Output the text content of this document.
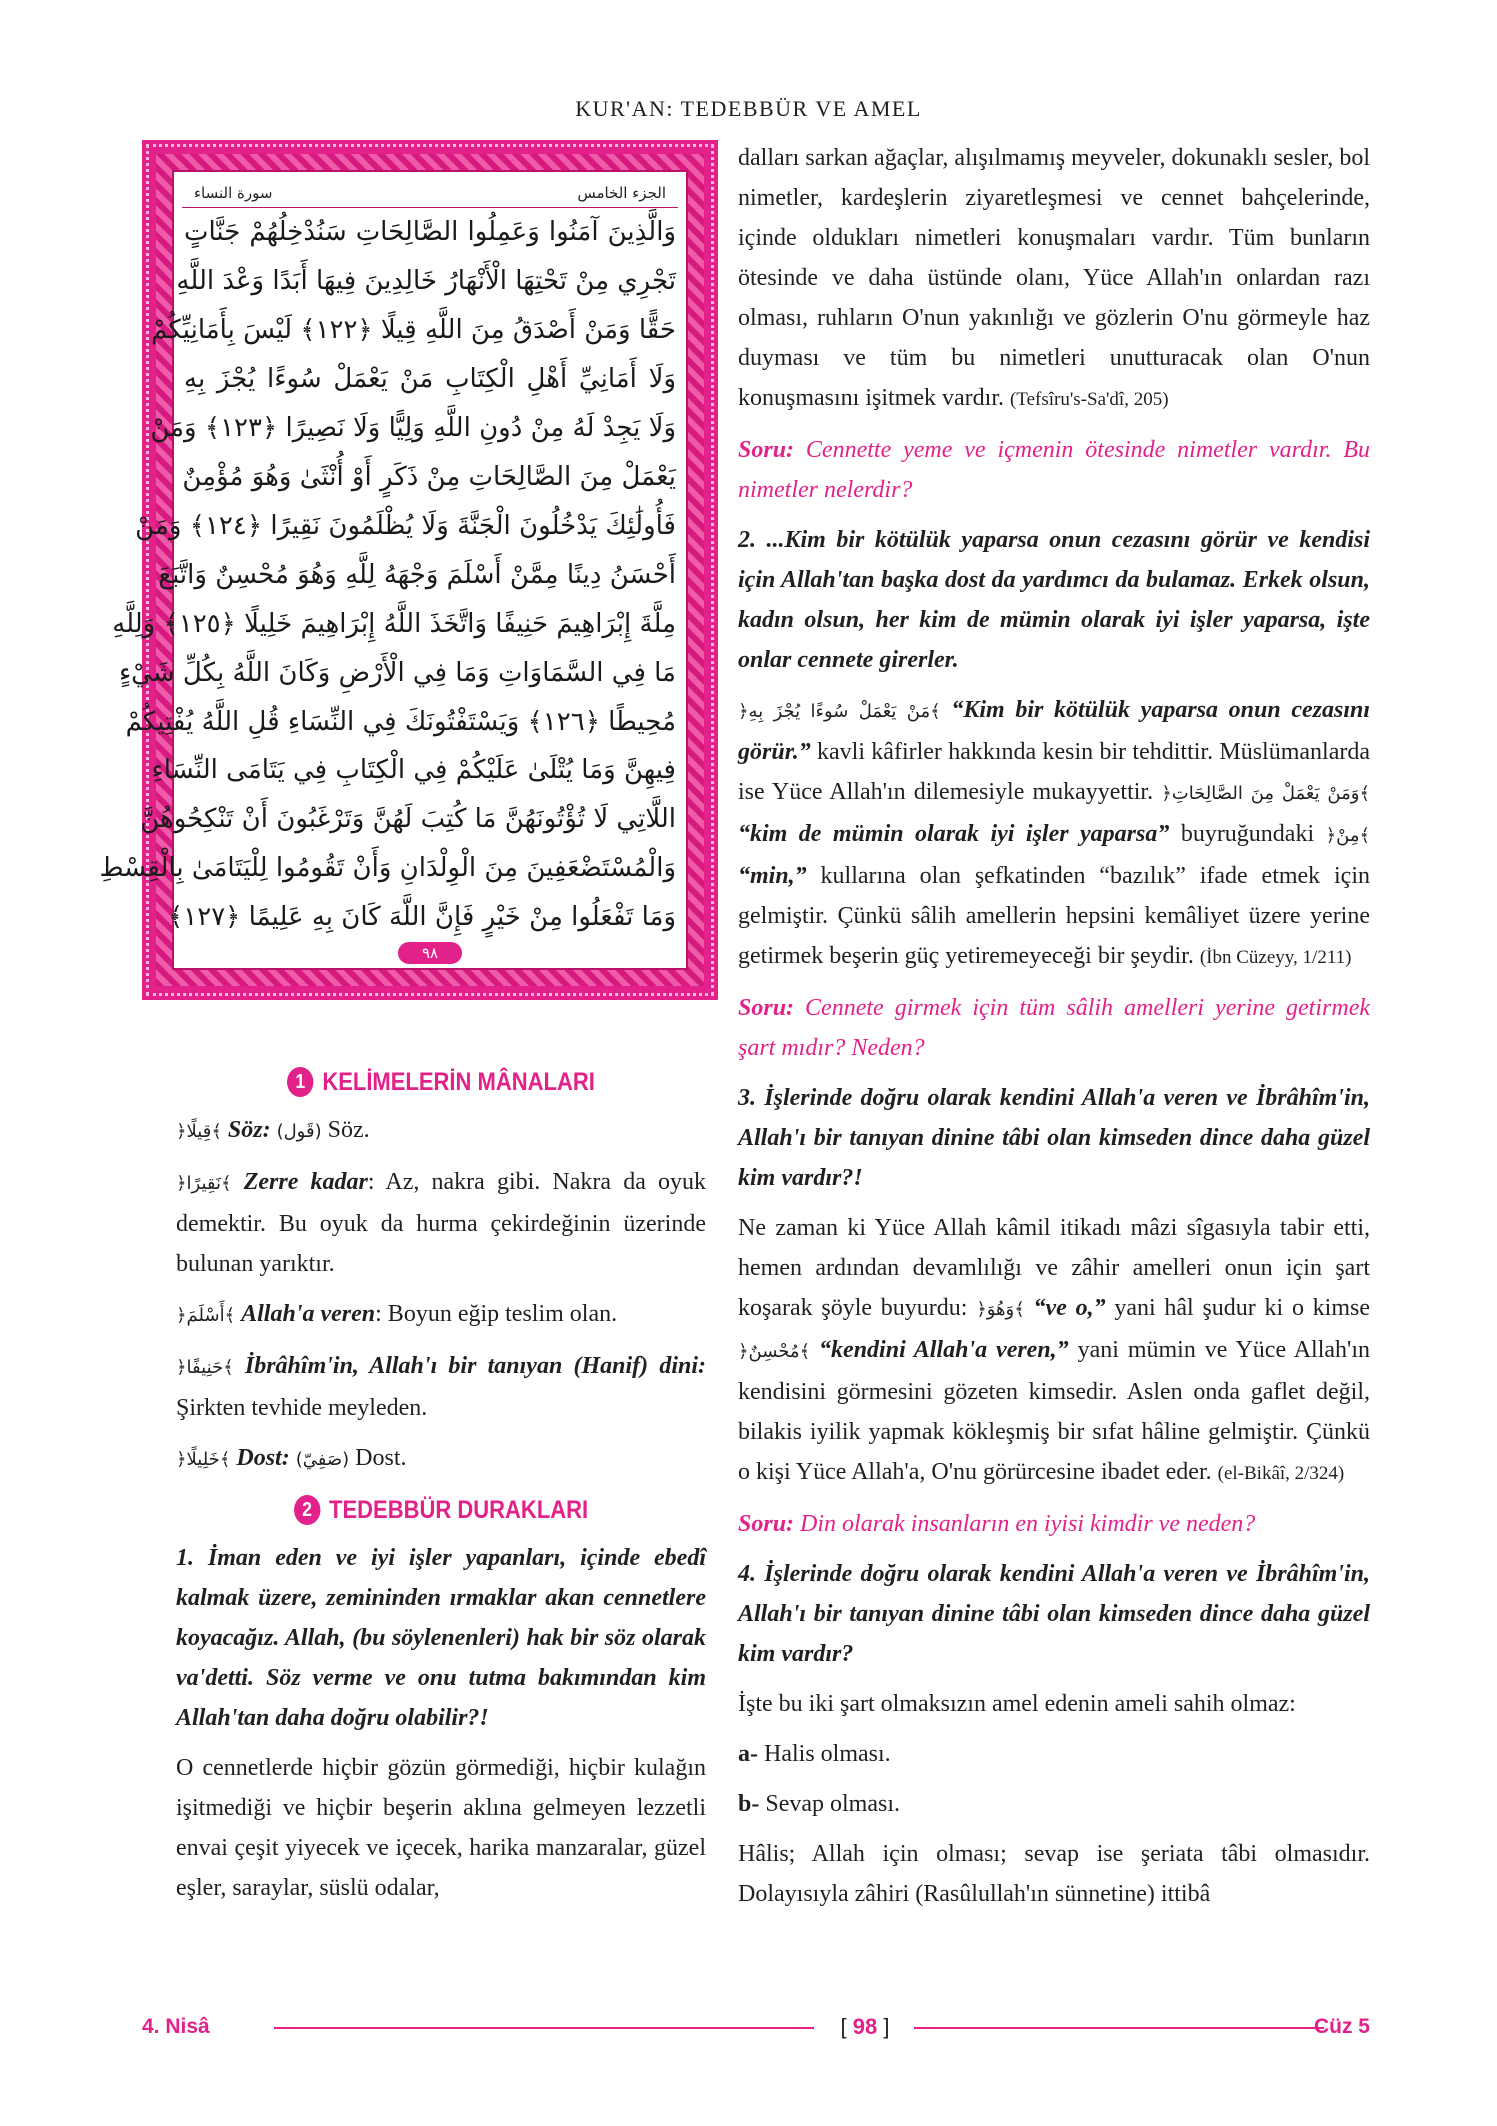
KUR'AN: TEDEBBÜR VE AMEL
سورة النساء	الجزء الخامس
وَالَّذِينَ آمَنُوا وَعَمِلُوا الصَّالِحَاتِ سَنُدْخِلُهُمْ جَنَّاتٍ
تَجْرِي مِنْ تَحْتِهَا الْأَنْهَارُ خَالِدِينَ فِيهَا أَبَدًا وَعْدَ اللَّهِ
حَقًّا وَمَنْ أَصْدَقُ مِنَ اللَّهِ قِيلًا ﴿١٢٢﴾ لَيْسَ بِأَمَانِيِّكُمْ
وَلَا أَمَانِيِّ أَهْلِ الْكِتَابِ مَنْ يَعْمَلْ سُوءًا يُجْزَ بِهِ
وَلَا يَجِدْ لَهُ مِنْ دُونِ اللَّهِ وَلِيًّا وَلَا نَصِيرًا ﴿١٢٣﴾ وَمَنْ
يَعْمَلْ مِنَ الصَّالِحَاتِ مِنْ ذَكَرٍ أَوْ أُنْثَىٰ وَهُوَ مُؤْمِنٌ
فَأُولَٰئِكَ يَدْخُلُونَ الْجَنَّةَ وَلَا يُظْلَمُونَ نَقِيرًا ﴿١٢٤﴾ وَمَنْ
أَحْسَنُ دِينًا مِمَّنْ أَسْلَمَ وَجْهَهُ لِلَّهِ وَهُوَ مُحْسِنٌ وَاتَّبَعَ
مِلَّةَ إِبْرَاهِيمَ حَنِيفًا وَاتَّخَذَ اللَّهُ إِبْرَاهِيمَ خَلِيلًا ﴿١٢٥﴾ وَلِلَّهِ
مَا فِي السَّمَاوَاتِ وَمَا فِي الْأَرْضِ وَكَانَ اللَّهُ بِكُلِّ شَيْءٍ
مُحِيطًا ﴿١٢٦﴾ وَيَسْتَفْتُونَكَ فِي النِّسَاءِ قُلِ اللَّهُ يُفْتِيكُمْ
فِيهِنَّ وَمَا يُتْلَىٰ عَلَيْكُمْ فِي الْكِتَابِ فِي يَتَامَى النِّسَاءِ
اللَّاتِي لَا تُؤْتُونَهُنَّ مَا كُتِبَ لَهُنَّ وَتَرْغَبُونَ أَنْ تَنْكِحُوهُنَّ
وَالْمُسْتَضْعَفِينَ مِنَ الْوِلْدَانِ وَأَنْ تَقُومُوا لِلْيَتَامَىٰ بِالْقِسْطِ
وَمَا تَفْعَلُوا مِنْ خَيْرٍ فَإِنَّ اللَّهَ كَانَ بِهِ عَلِيمًا ﴿١٢٧﴾
٩٨

dalları sarkan ağaçlar, alışılmamış meyveler, dokunaklı sesler, bol nimetler, kardeşlerin ziyaretleşmesi ve cennet bahçelerinde, içinde oldukları nimetleri konuşmaları vardır. Tüm bunların ötesinde ve daha üstünde olanı, Yüce Allah'ın onlardan razı olması, ruhların O'nun yakınlığı ve gözlerin O'nu görmeyle haz duyması ve tüm bu nimetleri unutturacak olan O'nun konuşmasını işitmek vardır. (Tefsîru's-Sa'dî, 205)

Soru: Cennette yeme ve içmenin ötesinde nimetler vardır. Bu nimetler nelerdir?

2. ...Kim bir kötülük yaparsa onun cezasını görür ve kendisi için Allah'tan başka dost da yardımcı da bulamaz. Erkek olsun, kadın olsun, her kim de mümin olarak iyi işler yaparsa, işte onlar cennete girerler.

﴿مَنْ يَعْمَلْ سُوءًا يُجْزَ بِهِ﴾ “Kim bir kötülük yaparsa onun cezasını görür.” kavli kâfirler hakkında kesin bir tehdittir. Müslümanlarda ise Yüce Allah'ın dilemesiyle mukayyettir. ﴿وَمَنْ يَعْمَلْ مِنَ الصَّالِحَاتِ﴾ “kim de mümin olarak iyi işler yaparsa” buyruğundaki ﴿مِنْ﴾ “min,” kullarına olan şefkatinden “bazılık” ifade etmek için gelmiştir. Çünkü sâlih amellerin hepsini kemâliyet üzere yerine getirmek beşerin güç yetiremeyeceği bir şeydir. (İbn Cüzeyy, 1/211)

Soru: Cennete girmek için tüm sâlih amelleri yerine getirmek şart mıdır? Neden?

3. İşlerinde doğru olarak kendini Allah'a veren ve İbrâhîm'in, Allah'ı bir tanıyan dinine tâbi olan kimseden dince daha güzel kim vardır?!

Ne zaman ki Yüce Allah kâmil itikadı mâzi sîgasıyla tabir etti, hemen ardından devamlılığı ve zâhir amelleri onun için şart koşarak şöyle buyurdu: ﴿وَهُوَ﴾ “ve o,” yani hâl şudur ki o kimse ﴿مُحْسِنٌ﴾ “kendini Allah'a veren,” yani mümin ve Yüce Allah'ın kendisini görmesini gözeten kimsedir. Aslen onda gaflet değil, bilakis iyilik yapmak kökleşmiş bir sıfat hâline gelmiştir. Çünkü o kişi Yüce Allah'a, O'nu görürcesine ibadet eder. (el-Bikâî, 2/324)

Soru: Din olarak insanların en iyisi kimdir ve neden?

4. İşlerinde doğru olarak kendini Allah'a veren ve İbrâhîm'in, Allah'ı bir tanıyan dinine tâbi olan kimseden dince daha güzel kim vardır?

İşte bu iki şart olmaksızın amel edenin ameli sahih olmaz:

a- Halis olması.

b- Sevap olması.

Hâlis; Allah için olması; sevap ise şeriata tâbi olmasıdır. Dolayısıyla zâhiri (Rasûlullah'ın sünnetine) ittibâ

1 KELİMELERİN MÂNALARI

﴿قِيلًا﴾ Söz: (قَول) Söz.

﴿نَقِيرًا﴾ Zerre kadar: Az, nakra gibi. Nakra da oyuk demektir. Bu oyuk da hurma çekirdeğinin üzerinde bulunan yarıktır.

﴿أَسْلَمَ﴾ Allah'a veren: Boyun eğip teslim olan.

﴿حَنِيفًا﴾ İbrâhîm'in, Allah'ı bir tanıyan (Hanif) dini: Şirkten tevhide meyleden.

﴿خَلِيلًا﴾ Dost: (صَفِيّ) Dost.

2 TEDEBBÜR DURAKLARI

1. İman eden ve iyi işler yapanları, içinde ebedî kalmak üzere, zemininden ırmaklar akan cennetlere koyacağız. Allah, (bu söylenenleri) hak bir söz olarak va'detti. Söz verme ve onu tutma bakımından kim Allah'tan daha doğru olabilir?!

O cennetlerde hiçbir gözün görmediği, hiçbir kulağın işitmediği ve hiçbir beşerin aklına gelmeyen lezzetli envai çeşit yiyecek ve içecek, harika manzaralar, güzel eşler, saraylar, süslü odalar,

4. Nisâ	[ 98 ]	Cüz 5
